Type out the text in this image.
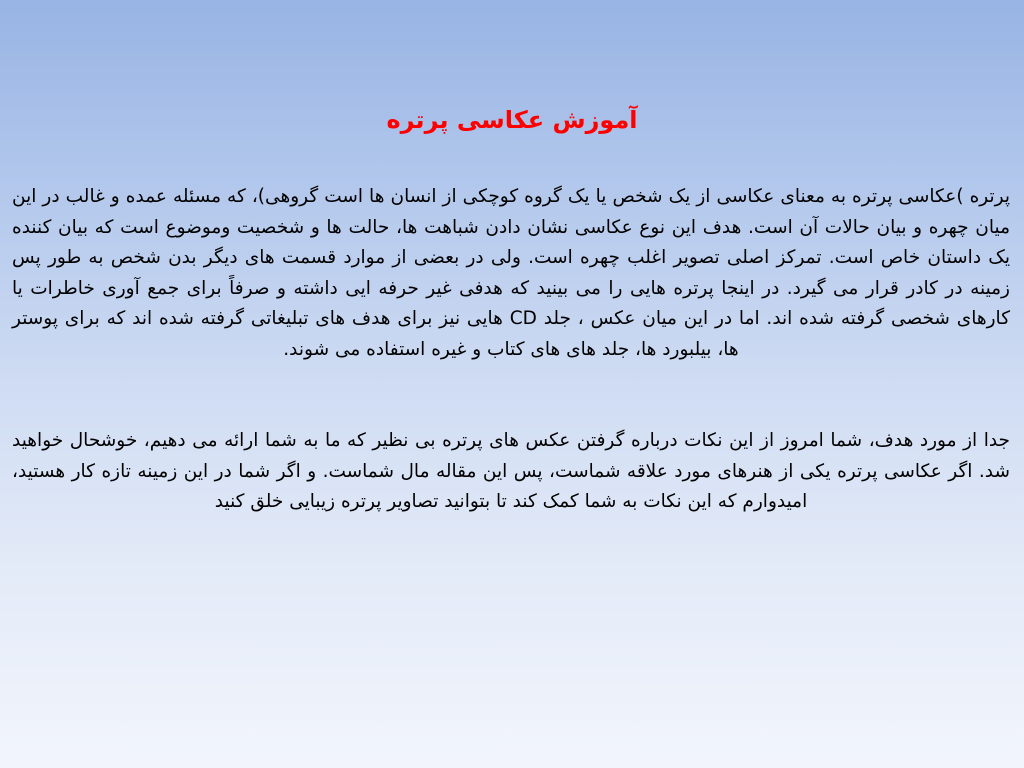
آموزش عکاسی پرتره

پرتره )عکاسی پرتره به معنای عکاسی از یک شخص یا یک گروه کوچکی از انسان ها است گروهی)، که مسئله عمده و غالب در این میان چهره و بیان حالات آن است. هدف این نوع عکاسی نشان دادن شباهت ها، حالت ها و شخصیت وموضوع است که بیان کننده یک داستان خاص است. تمرکز اصلی تصویر اغلب چهره است. ولی در بعضی از موارد قسمت های دیگر بدن شخص به طور پس زمینه در کادر قرار می گیرد. در اینجا پرتره هایی را می بینید که هدفی غیر حرفه ایی داشته و صرفاً برای جمع آوری خاطرات یا کارهای شخصی گرفته شده اند. اما در این میان عکس ، جلد CD هایی نیز برای هدف های تبلیغاتی گرفته شده اند که برای پوستر ها، بیلبورد ها، جلد های های کتاب و غیره استفاده می شوند.

جدا از مورد هدف، شما امروز از این نکات درباره گرفتن عکس های پرتره بی نظیر که ما به شما ارائه می دهیم، خوشحال خواهید شد. اگر عکاسی پرتره یکی از هنرهای مورد علاقه شماست، پس این مقاله مال شماست. و اگر شما در این زمینه تازه کار هستید، امیدوارم که این نکات به شما کمک کند تا بتوانید تصاویر پرتره زیبایی خلق کنید
